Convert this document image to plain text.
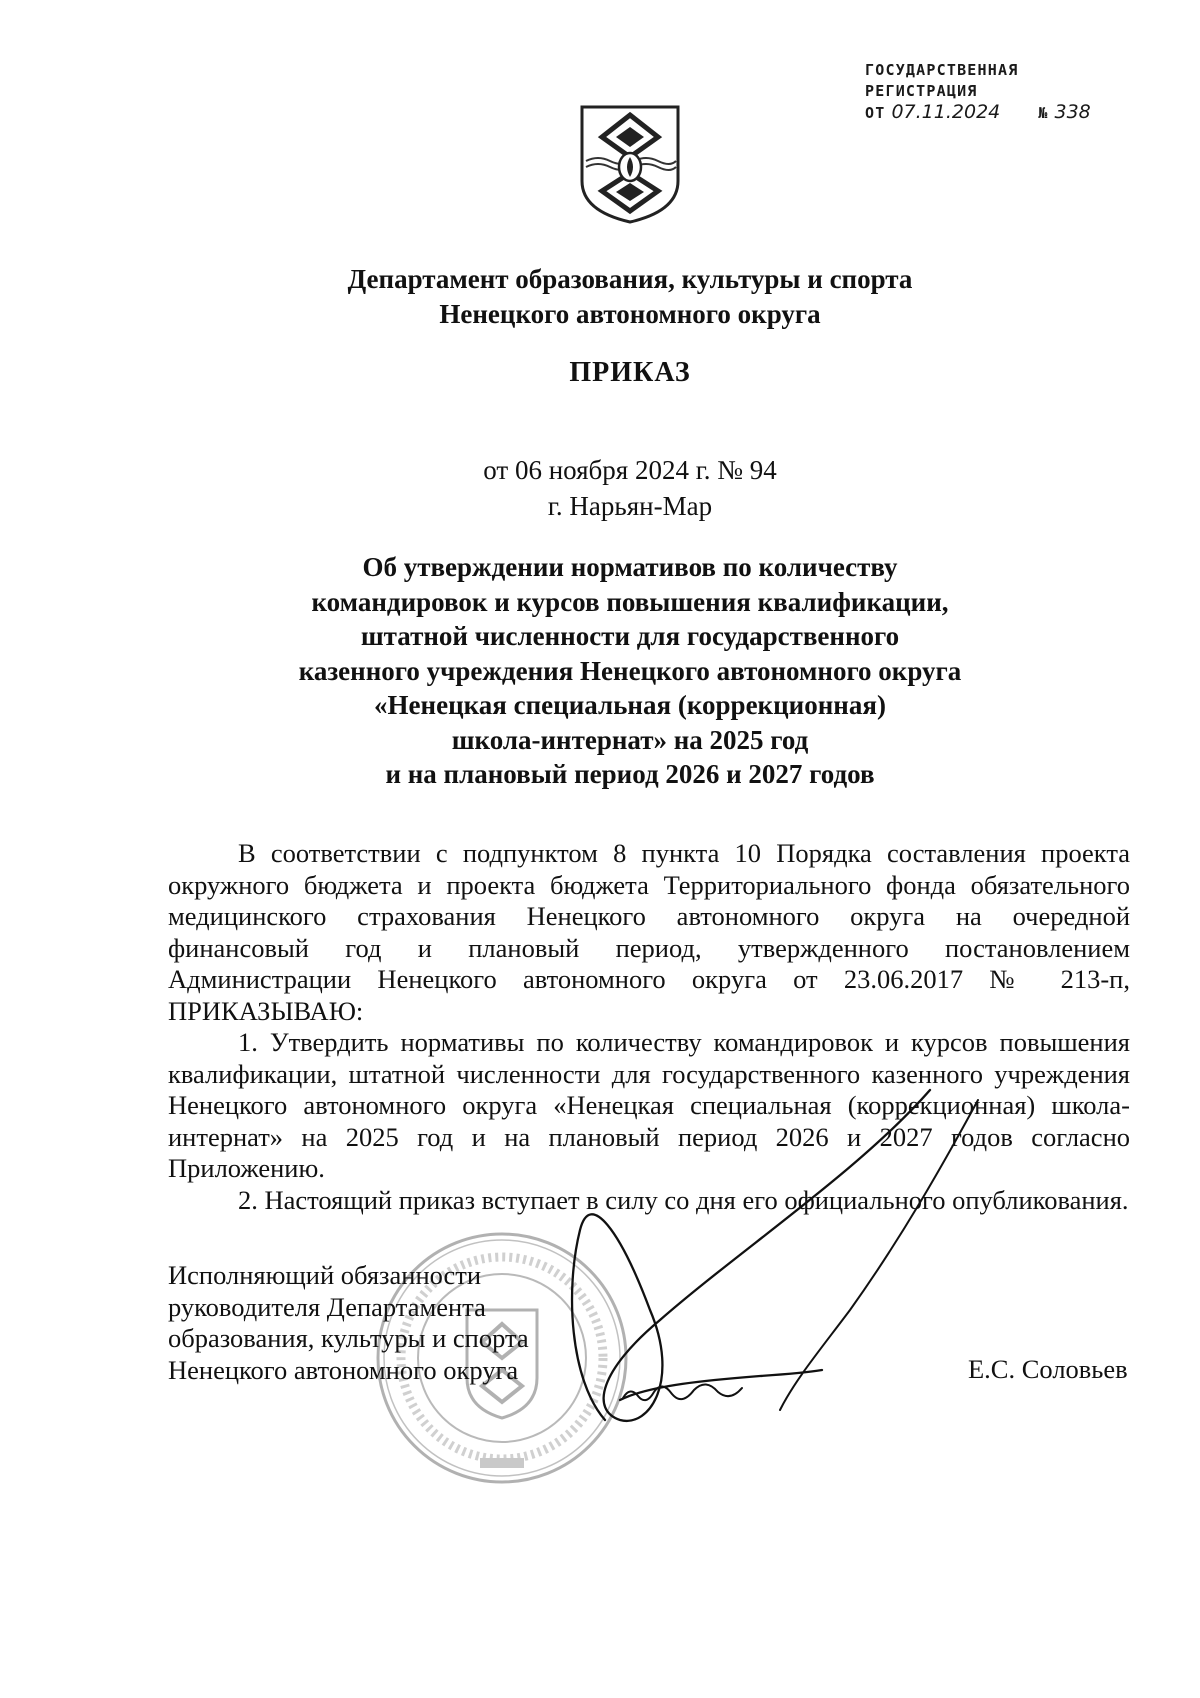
ГОСУДАРСТВЕННАЯ
РЕГИСТРАЦИЯ
ОТ 07.11.2024	№ 338
Департамент образования, культуры и спорта
Ненецкого автономного округа
ПРИКАЗ
от 06 ноября 2024 г. № 94
г. Нарьян-Мар
Об утверждении нормативов по количеству
командировок и курсов повышения квалификации,
штатной численности для государственного
казенного учреждения Ненецкого автономного округа
«Ненецкая специальная (коррекционная)
школа-интернат» на 2025 год
и на плановый период 2026 и 2027 годов

В соответствии с подпунктом 8 пункта 10 Порядка составления проекта окружного бюджета и проекта бюджета Территориального фонда обязательного медицинского страхования Ненецкого автономного округа на очередной финансовый год и плановый период, утвержденного постановлением Администрации Ненецкого автономного округа от 23.06.2017 № 213-п, ПРИКАЗЫВАЮ:

1. Утвердить нормативы по количеству командировок и курсов повышения квалификации, штатной численности для государственного казенного учреждения Ненецкого автономного округа «Ненецкая специальная (коррекционная) школа-интернат» на 2025 год и на плановый период 2026 и 2027 годов согласно Приложению.

2. Настоящий приказ вступает в силу со дня его официального опубликования.

Исполняющий обязанности
руководителя Департамента
образования, культуры и спорта
Ненецкого автономного округа	Е.С. Соловьев
